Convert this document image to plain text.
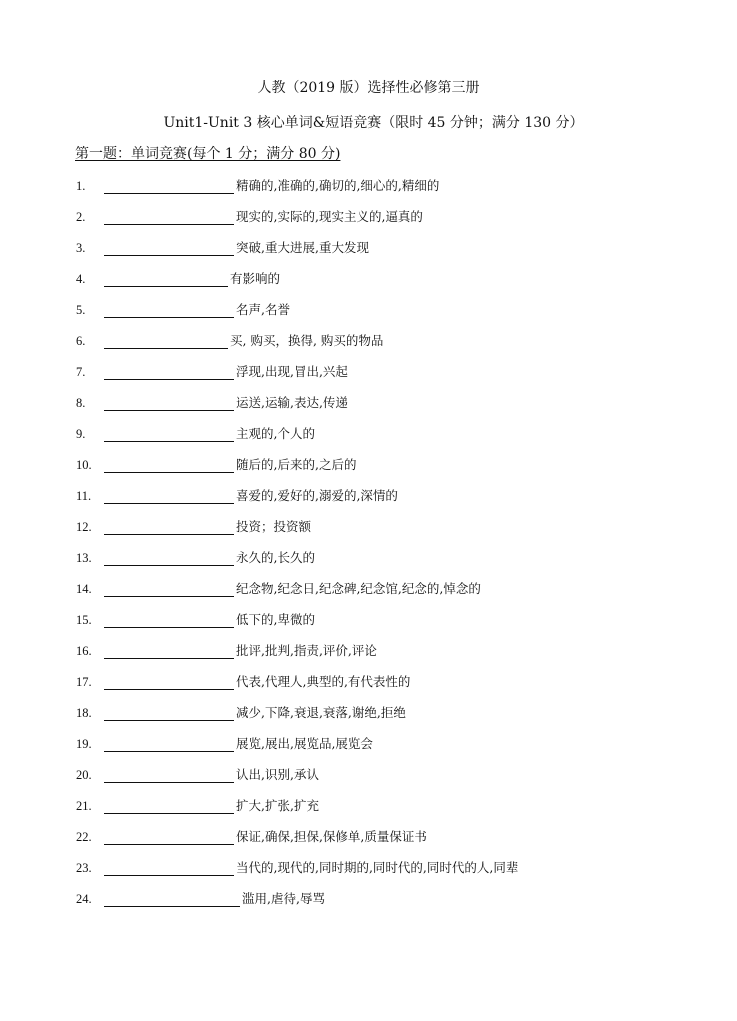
人教（2019 版）选择性必修第三册
Unit1-Unit 3 核心单词&短语竞赛（限时 45 分钟；满分 130 分）
第一题：单词竞赛(每个 1 分；满分 80 分)
1.	精确的,准确的,确切的,细心的,精细的
2.	现实的,实际的,现实主义的,逼真的
3.	突破,重大进展,重大发现
4.	有影响的
5.	名声,名誉
6.	买, 购买，换得, 购买的物品
7.	浮现,出现,冒出,兴起
8.	运送,运输,表达,传递
9.	主观的,个人的
10.	随后的,后来的,之后的
11.	喜爱的,爱好的,溺爱的,深情的
12.	投资；投资额
13.	永久的,长久的
14.	纪念物,纪念日,纪念碑,纪念馆,纪念的,悼念的
15.	低下的,卑微的
16.	批评,批判,指责,评价,评论
17.	代表,代理人,典型的,有代表性的
18.	减少,下降,衰退,衰落,谢绝,拒绝
19.	展览,展出,展览品,展览会
20.	认出,识别,承认
21.	扩大,扩张,扩充
22.	保证,确保,担保,保修单,质量保证书
23.	当代的,现代的,同时期的,同时代的,同时代的人,同辈
24.	滥用,虐待,辱骂
